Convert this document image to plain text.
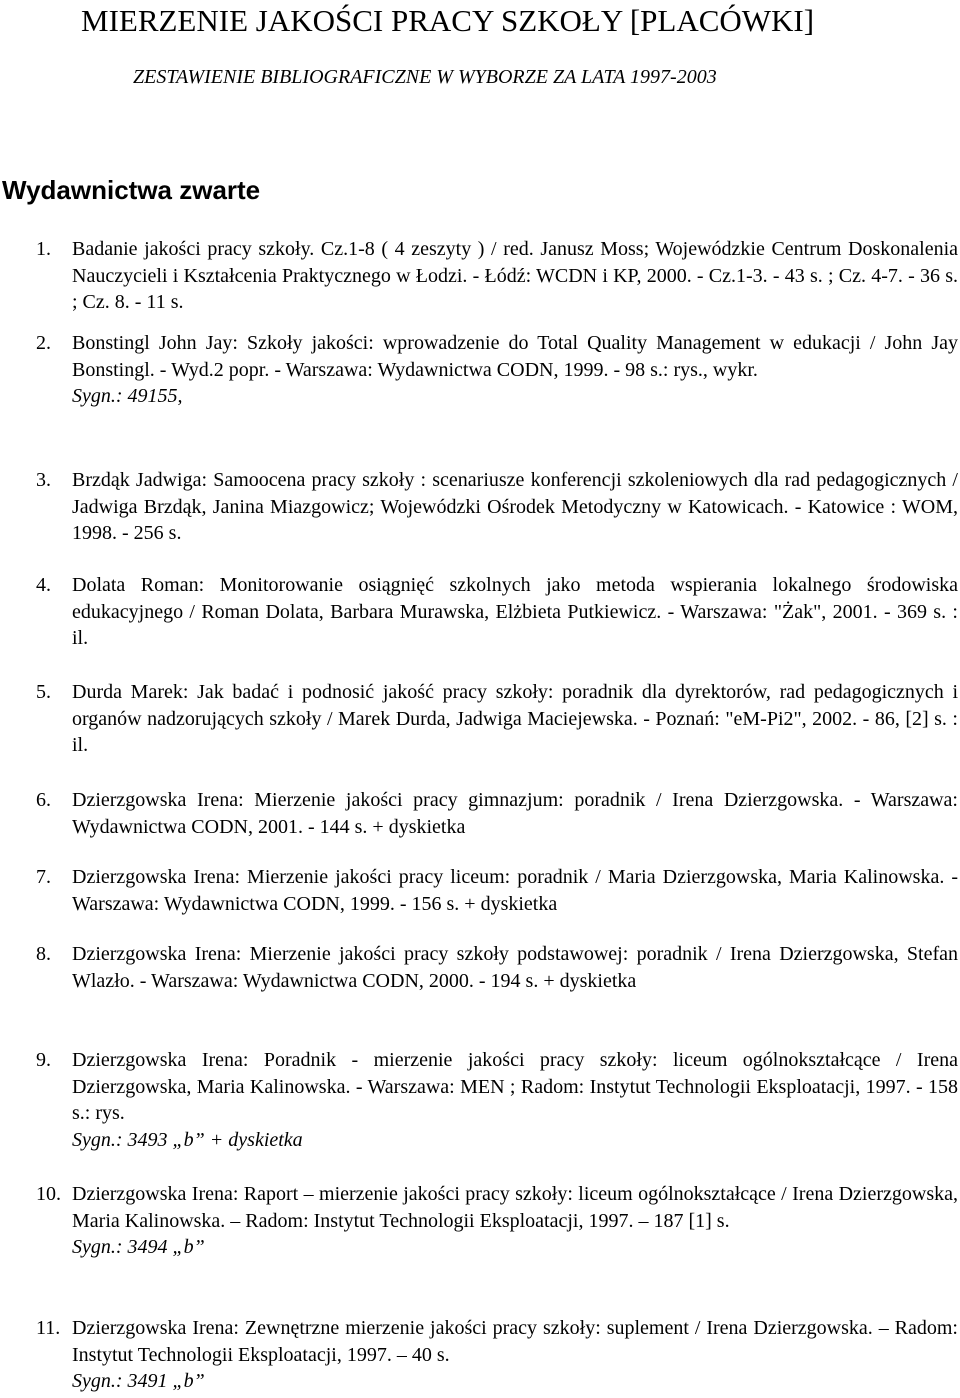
MIERZENIE JAKOŚCI PRACY SZKOŁY [PLACÓWKI]
ZESTAWIENIE BIBLIOGRAFICZNE W WYBORZE ZA LATA 1997-2003
Wydawnictwa zwarte
1.	Badanie jakości pracy szkoły. Cz.1-8 ( 4 zeszyty ) / red. Janusz Moss; Wojewódzkie Centrum Doskonalenia Nauczycieli i Kształcenia Praktycznego w Łodzi. - Łódź: WCDN i KP, 2000. - Cz.1-3. - 43 s. ; Cz. 4-7. - 36 s. ; Cz. 8. - 11 s.
2.	Bonstingl John Jay: Szkoły jakości: wprowadzenie do Total Quality Management w edukacji / John Jay Bonstingl. - Wyd.2 popr. - Warszawa: Wydawnictwa CODN, 1999. - 98 s.: rys., wykr.
Sygn.: 49155,
3.	Brzdąk Jadwiga: Samoocena pracy szkoły : scenariusze konferencji szkoleniowych dla rad pedagogicznych / Jadwiga Brzdąk, Janina Miazgowicz; Wojewódzki Ośrodek Metodyczny w Katowicach. - Katowice : WOM, 1998. - 256 s.
4.	Dolata Roman: Monitorowanie osiągnięć szkolnych jako metoda wspierania lokalnego środowiska edukacyjnego / Roman Dolata, Barbara Murawska, Elżbieta Putkiewicz. - Warszawa: "Żak", 2001. - 369 s. : il.
5.	Durda Marek: Jak badać i podnosić jakość pracy szkoły: poradnik dla dyrektorów, rad pedagogicznych i organów nadzorujących szkoły / Marek Durda, Jadwiga Maciejewska. - Poznań: "eM-Pi2", 2002. - 86, [2] s. : il.
6.	Dzierzgowska Irena: Mierzenie jakości pracy gimnazjum: poradnik / Irena Dzierzgowska. - Warszawa: Wydawnictwa CODN, 2001. - 144 s. + dyskietka
7.	Dzierzgowska Irena: Mierzenie jakości pracy liceum: poradnik / Maria Dzierzgowska, Maria Kalinowska. - Warszawa: Wydawnictwa CODN, 1999. - 156 s. + dyskietka
8.	Dzierzgowska Irena: Mierzenie jakości pracy szkoły podstawowej: poradnik / Irena Dzierzgowska, Stefan Wlazło. - Warszawa: Wydawnictwa CODN, 2000. - 194 s. + dyskietka
9.	Dzierzgowska Irena: Poradnik - mierzenie jakości pracy szkoły: liceum ogólnokształcące / Irena Dzierzgowska, Maria Kalinowska. - Warszawa: MEN ; Radom: Instytut Technologii Eksploatacji, 1997. - 158 s.: rys.
Sygn.: 3493 „b” + dyskietka
10. Dzierzgowska Irena: Raport – mierzenie jakości pracy szkoły: liceum ogólnokształcące / Irena Dzierzgowska, Maria Kalinowska. – Radom: Instytut Technologii Eksploatacji, 1997. – 187 [1] s.
Sygn.: 3494 „b”
11. Dzierzgowska Irena: Zewnętrzne mierzenie jakości pracy szkoły: suplement / Irena Dzierzgowska. – Radom: Instytut Technologii Eksploatacji, 1997. – 40 s.
Sygn.: 3491 „b”
